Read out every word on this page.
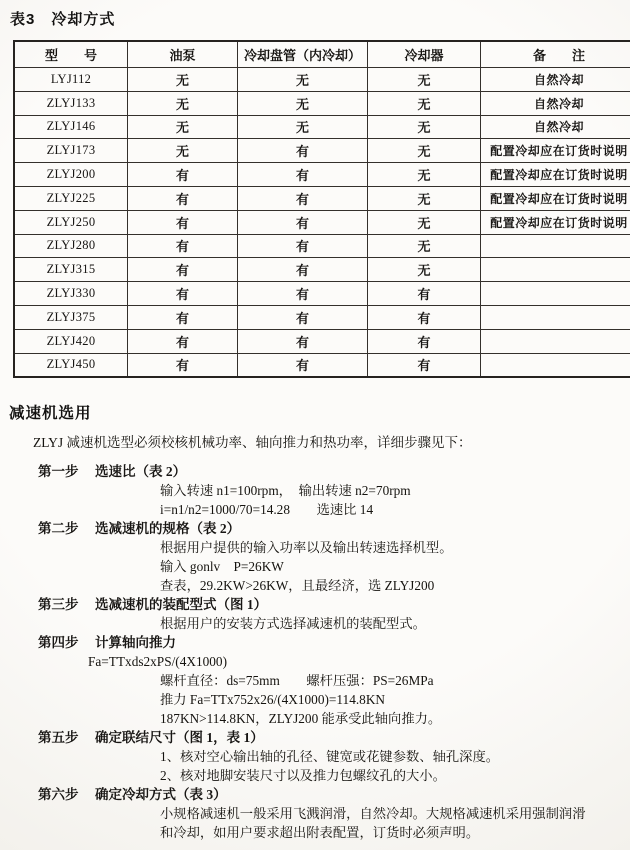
表3　冷却方式
型　　号	油泵	冷却盘管（内冷却）	冷却器	备　　注
LYJ112	无	无	无	自然冷却
ZLYJ133	无	无	无	自然冷却
ZLYJ146	无	无	无	自然冷却
ZLYJ173	无	有	无	配置冷却应在订货时说明
ZLYJ200	有	有	无	配置冷却应在订货时说明
ZLYJ225	有	有	无	配置冷却应在订货时说明
ZLYJ250	有	有	无	配置冷却应在订货时说明
ZLYJ280	有	有	无	
ZLYJ315	有	有	无	
ZLYJ330	有	有	有	
ZLYJ375	有	有	有	
ZLYJ420	有	有	有	
ZLYJ450	有	有	有	
减速机选用

ZLYJ 减速机选型必须校核机械功率、轴向推力和热功率，详细步骤见下：

第一步	选速比（表 2）
输入转速 n1=100rpm，　输出转速 n2=70rpm
i=n1/n2=1000/70=14.28　　选速比 14
第二步	选减速机的规格（表 2）
根据用户提供的输入功率以及输出转速选择机型。
输入 gonlv　P=26KW
查表，29.2KW>26KW，且最经济，选 ZLYJ200
第三步	选减速机的装配型式（图 1）
根据用户的安装方式选择减速机的装配型式。
第四步	计算轴向推力
Fa=TTxds2xPS/(4X1000)
螺杆直径：ds=75mm　　螺杆压强：PS=26MPa
推力 Fa=TTx752x26/(4X1000)=114.8KN
187KN>114.8KN，ZLYJ200 能承受此轴向推力。
第五步	确定联结尺寸（图 1，表 1）
1、核对空心输出轴的孔径、键宽或花键参数、轴孔深度。
2、核对地脚安装尺寸以及推力包螺纹孔的大小。
第六步	确定冷却方式（表 3）
小规格减速机一般采用飞溅润滑，自然冷却。大规格减速机采用强制润滑
和冷却，如用户要求超出附表配置，订货时必须声明。
